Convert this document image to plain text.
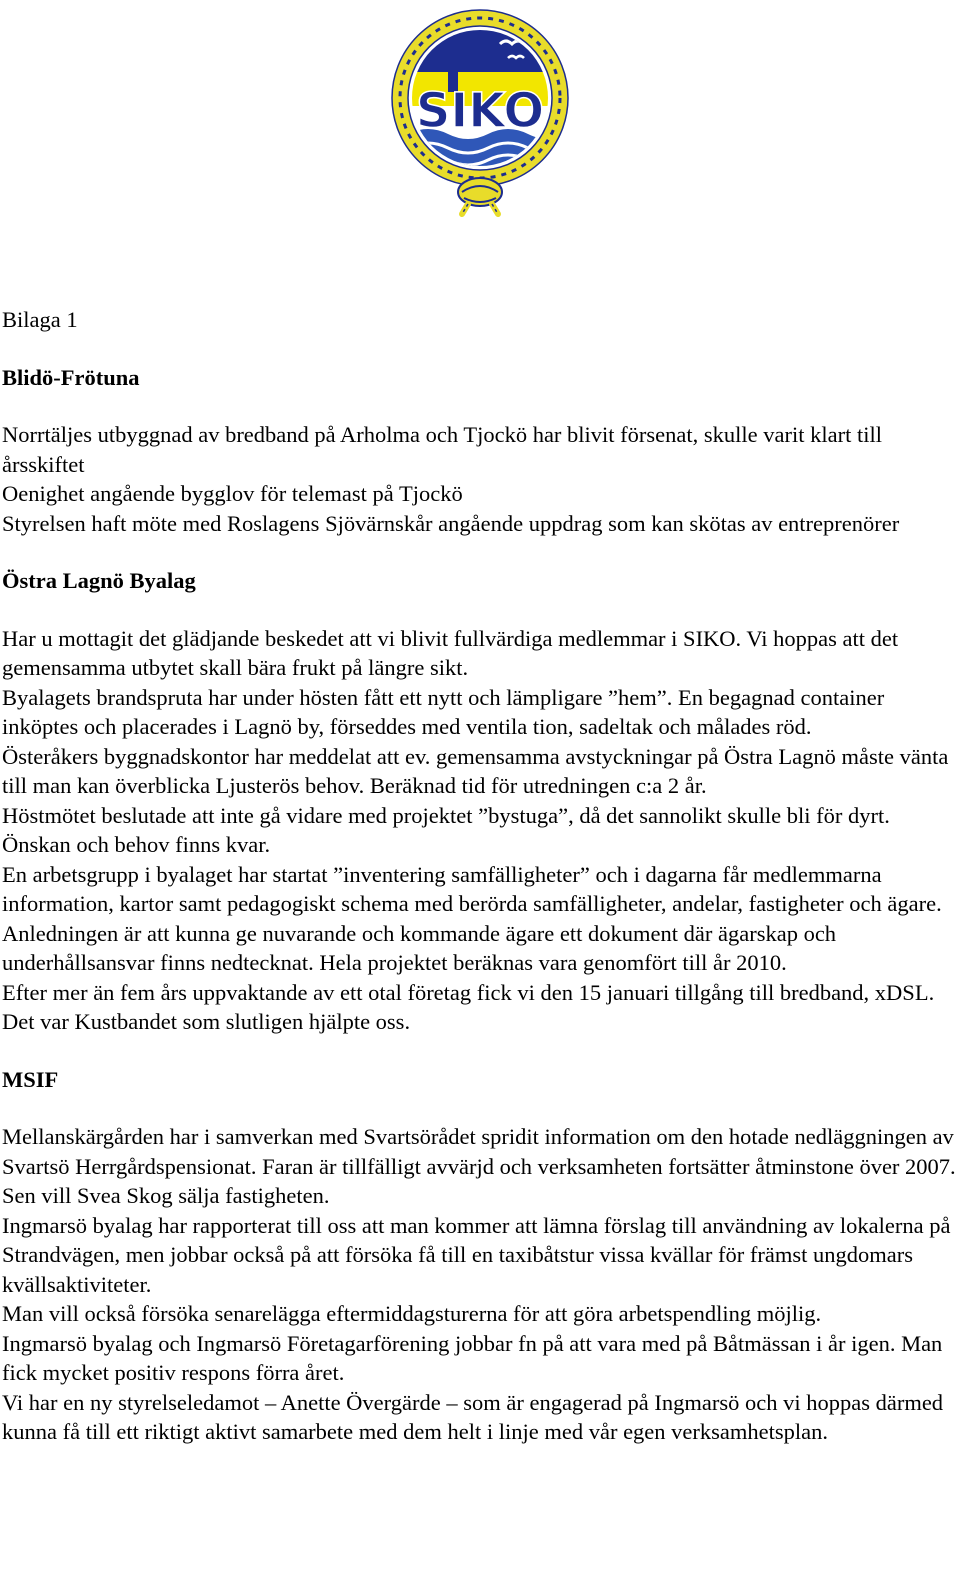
SIKO

Bilaga 1

Blidö-Frötuna

Norrtäljes utbyggnad av bredband på Arholma och Tjockö har blivit försenat, skulle varit klart till årsskiftet

Oenighet angående bygglov för telemast på Tjockö

Styrelsen haft möte med Roslagens Sjövärnskår angående uppdrag som kan skötas av entreprenörer

Östra Lagnö Byalag

Har u mottagit det glädjande beskedet att vi blivit fullvärdiga medlemmar i SIKO. Vi hoppas att det gemensamma utbytet skall bära frukt på längre sikt.

Byalagets brandspruta har under hösten fått ett nytt och lämpligare ”hem”. En begagnad container inköptes och placerades i Lagnö by, förseddes med ventila tion, sadeltak och målades röd.

Österåkers byggnadskontor har meddelat att ev. gemensamma avstyckningar på Östra Lagnö måste vänta till man kan överblicka Ljusterös behov. Beräknad tid för utredningen c:a 2 år.

Höstmötet beslutade att inte gå vidare med projektet ”bystuga”, då det sannolikt skulle bli för dyrt. Önskan och behov finns kvar.

En arbetsgrupp i byalaget har startat ”inventering samfälligheter” och i dagarna får medlemmarna information, kartor samt pedagogiskt schema med berörda samfälligheter, andelar, fastigheter och ägare.

Anledningen är att kunna ge nuvarande och kommande ägare ett dokument där ägarskap och underhållsansvar finns nedtecknat. Hela projektet beräknas vara genomfört till år 2010.

Efter mer än fem års uppvaktande av ett otal företag fick vi den 15 januari tillgång till bredband, xDSL. Det var Kustbandet som slutligen hjälpte oss.

MSIF

Mellanskärgården har i samverkan med Svartsörådet spridit information om den hotade nedläggningen av Svartsö Herrgårdspensionat. Faran är tillfälligt avvärjd och verksamheten fortsätter åtminstone över 2007. Sen vill Svea Skog sälja fastigheten.

Ingmarsö byalag har rapporterat till oss att man kommer att lämna förslag till användning av lokalerna på Strandvägen, men jobbar också på att försöka få till en taxibåtstur vissa kvällar för främst ungdomars kvällsaktiviteter.

Man vill också försöka senarelägga eftermiddagsturerna för att göra arbetspendling möjlig.

Ingmarsö byalag och Ingmarsö Företagarförening jobbar fn på att vara med på Båtmässan i år igen. Man fick mycket positiv respons förra året.

Vi har en ny styrelseledamot – Anette Övergärde – som är engagerad på Ingmarsö och vi hoppas därmed kunna få till ett riktigt aktivt samarbete med dem helt i linje med vår egen verksamhetsplan.
